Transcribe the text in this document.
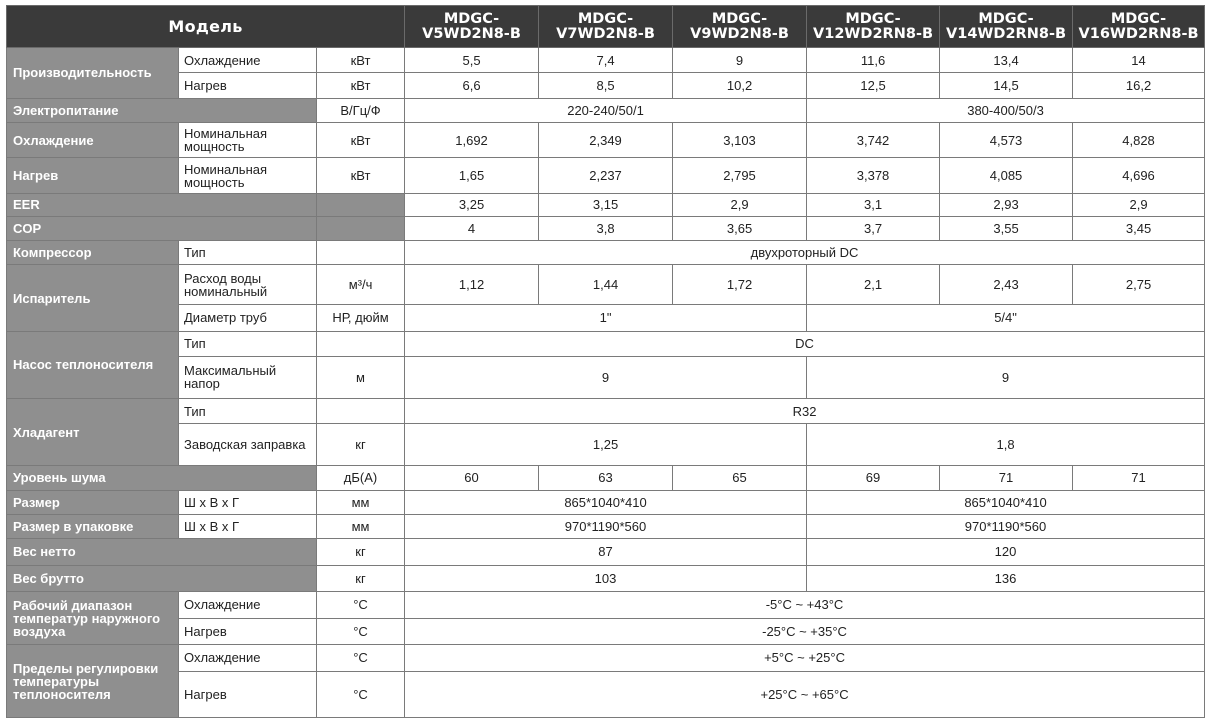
Модель			MDGC-V5WD2N8-B	MDGC-V7WD2N8-B	MDGC-V9WD2N8-B	MDGC-V12WD2RN8-B	MDGC-V14WD2RN8-B	MDGC-V16WD2RN8-B
Производительность	Охлаждение	кВт	5,5	7,4	9	11,6	13,4	14
	Нагрев	кВт	6,6	8,5	10,2	12,5	14,5	16,2
Электропитание		В/Гц/Ф	220-240/50/1			380-400/50/3		
Охлаждение	Номинальная мощность	кВт	1,692	2,349	3,103	3,742	4,573	4,828
Нагрев	Номинальная мощность	кВт	1,65	2,237	2,795	3,378	4,085	4,696
EER			3,25	3,15	2,9	3,1	2,93	2,9
COP			4	3,8	3,65	3,7	3,55	3,45
Компрессор	Тип		двухроторный DC					
Испаритель	Расход воды номинальный	м³/ч	1,12	1,44	1,72	2,1	2,43	2,75
	Диаметр труб	НР, дюйм	1"			5/4"		
Насос теплоносителя	Тип		DC					
	Максимальный напор	м	9			9		
Хладагент	Тип		R32					
	Заводская заправка	кг	1,25			1,8		
Уровень шума		дБ(А)	60	63	65	69	71	71
Размер	Ш х В х Г	мм	865*1040*410			865*1040*410		
Размер в упаковке	Ш х В х Г	мм	970*1190*560			970*1190*560		
Вес нетто		кг	87			120		
Вес брутто		кг	103			136		
Рабочий диапазон температур наружного воздуха	Охлаждение	°С	-5°С ~ +43°С					
	Нагрев	°С	-25°С ~ +35°С					
Пределы регулировки температуры теплоносителя	Охлаждение	°С	+5°С ~ +25°С					
	Нагрев	°С	+25°С ~ +65°С					
